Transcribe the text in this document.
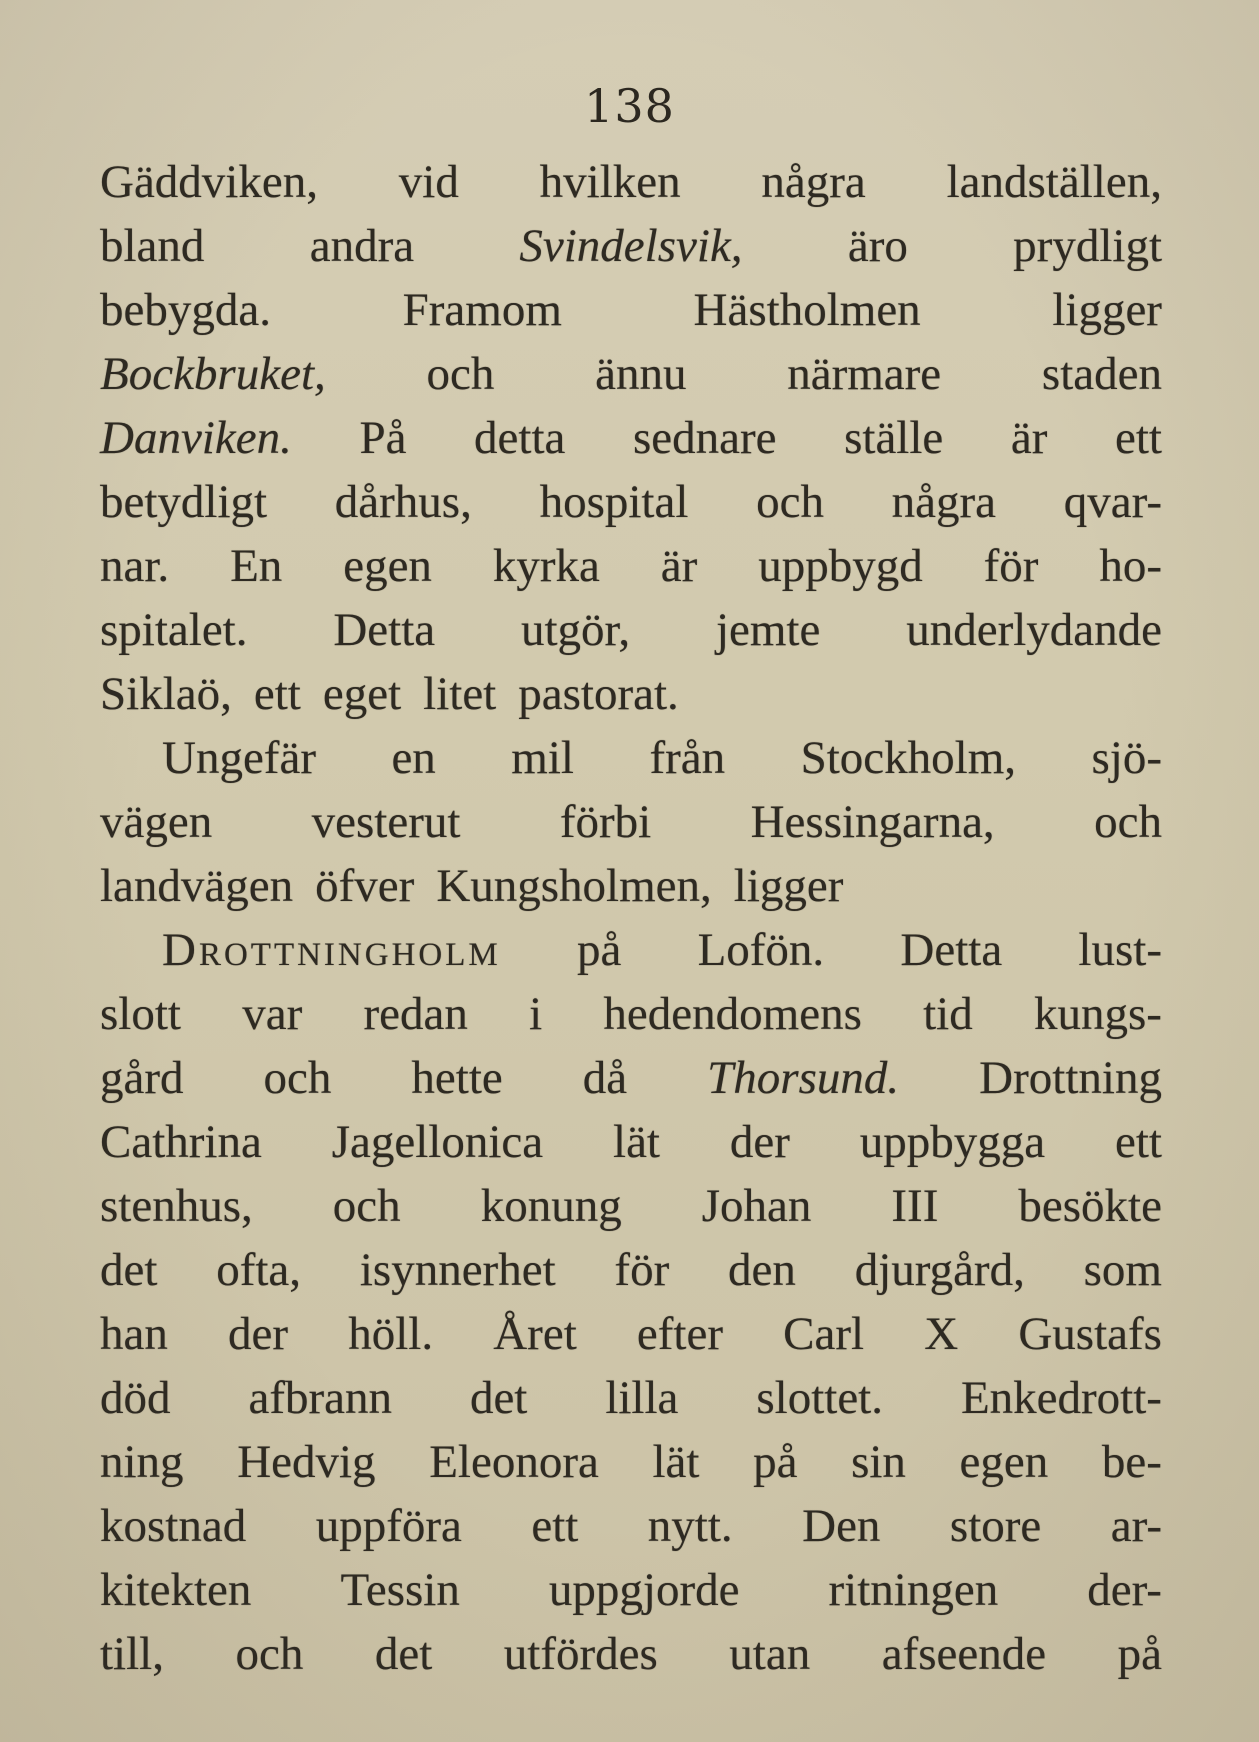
138
Gäddviken, vid hvilken några landställen,
bland andra Svindelsvik, äro prydligt
bebygda.	Framom	Hästholmen	ligger
Bockbruket, och ännu närmare staden
Danviken. På detta sednare ställe är ett
betydligt dårhus, hospital och några qvar-
nar. En egen kyrka är uppbygd för ho-
spitalet. Detta utgör, jemte underlydande
Siklaö, ett eget litet pastorat.
Ungefär en mil från Stockholm, sjö-
vägen vesterut förbi Hessingarna, och
landvägen öfver Kungsholmen, ligger
Drottningholm på Lofön. Detta lust-
slott var redan i hedendomens tid kungs-
gård och hette då Thorsund. Drottning
Cathrina Jagellonica lät der uppbygga ett
stenhus, och konung Johan III besökte
det ofta, isynnerhet för den djurgård, som
han der höll. Året efter Carl X Gustafs
död afbrann det lilla slottet. Enkedrott-
ning Hedvig Eleonora lät på sin egen be-
kostnad uppföra ett nytt. Den store ar-
kitekten Tessin uppgjorde ritningen der-
till, och det utfördes utan afseende på
